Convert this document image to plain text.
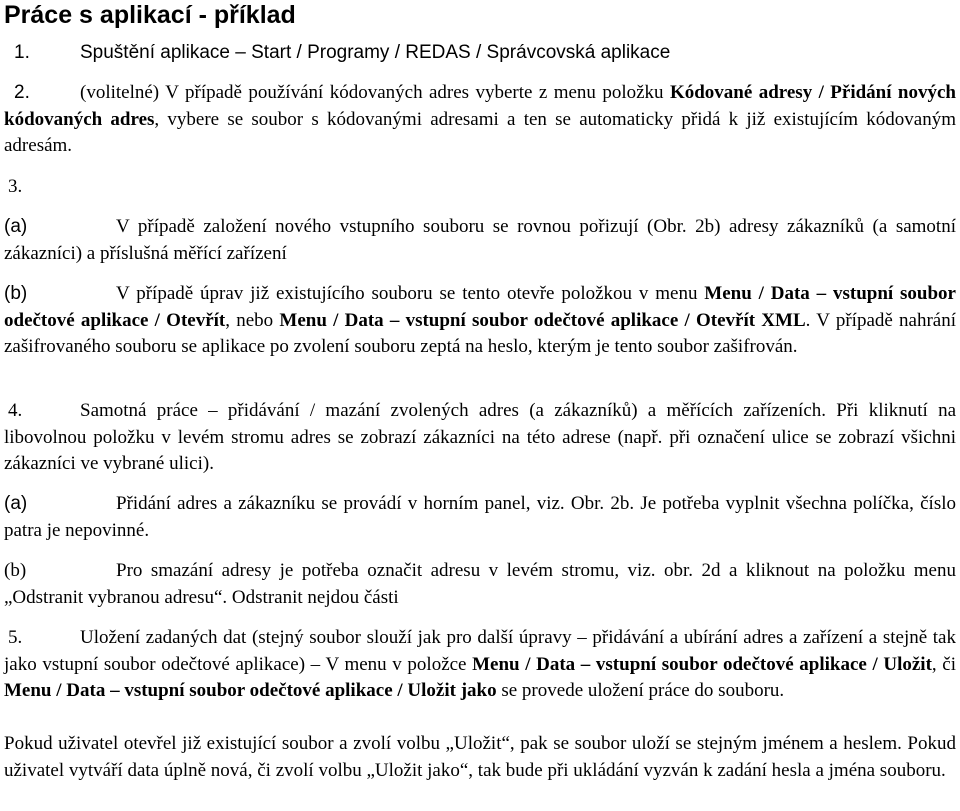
Práce s aplikací - příklad

1.	Spuštění aplikace – Start / Programy / REDAS / Správcovská aplikace

2.	(volitelné) V případě používání kódovaných adres vyberte z menu položku Kódované adresy / Přidání nových kódovaných adres, vybere se soubor s kódovanými adresami a ten se automaticky přidá k již existujícím kódovaným adresám.

3.

(a)	V případě založení nového vstupního souboru se rovnou pořizují (Obr. 2b) adresy zákazníků (a samotní zákazníci) a příslušná měřící zařízení

(b)	V případě úprav již existujícího souboru se tento otevře položkou v menu Menu / Data – vstupní soubor odečtové aplikace / Otevřít, nebo Menu / Data – vstupní soubor odečtové aplikace / Otevřít XML. V případě nahrání zašifrovaného souboru se aplikace po zvolení souboru zeptá na heslo, kterým je tento soubor zašifrován.

4.	Samotná práce – přidávání / mazání zvolených adres (a zákazníků) a měřících zařízeních. Při kliknutí na libovolnou položku v levém stromu adres se zobrazí zákazníci na této adrese (např. při označení ulice se zobrazí všichni zákazníci ve vybrané ulici).

(a)	Přidání adres a zákazníku se provádí v horním panel, viz. Obr. 2b. Je potřeba vyplnit všechna políčka, číslo patra je nepovinné.

(b)	Pro smazání adresy je potřeba označit adresu v levém stromu, viz. obr. 2d a kliknout na položku menu „Odstranit vybranou adresu“. Odstranit nejdou části

5.	Uložení zadaných dat (stejný soubor slouží jak pro další úpravy – přidávání a ubírání adres a zařízení a stejně tak jako vstupní soubor odečtové aplikace) – V menu v položce Menu / Data – vstupní soubor odečtové aplikace / Uložit, či Menu / Data – vstupní soubor odečtové aplikace / Uložit jako se provede uložení práce do souboru.

Pokud uživatel otevřel již existující soubor a zvolí volbu „Uložit“, pak se soubor uloží se stejným jménem a heslem. Pokud uživatel vytváří data úplně nová, či zvolí volbu „Uložit jako“, tak bude při ukládání vyzván k zadání hesla a jména souboru.
